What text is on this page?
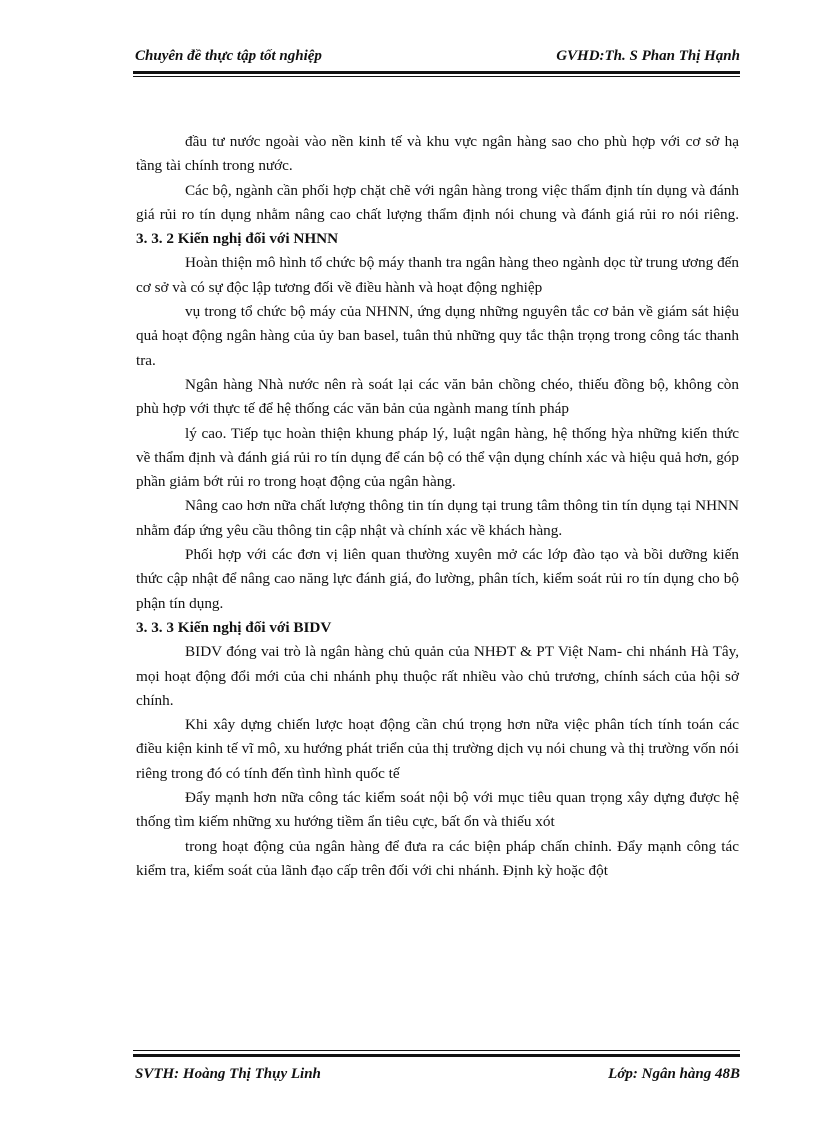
Chuyên đề thực tập tốt nghiệp	GVHD:Th. S Phan Thị Hạnh

đầu tư nước ngoài vào nền kinh tế và khu vực ngân hàng sao cho phù hợp với cơ sở hạ tầng tài chính trong nước.

Các bộ, ngành cần phối hợp chặt chẽ với ngân hàng trong việc thẩm định tín dụng và đánh giá rủi ro tín dụng nhằm nâng cao chất lượng thẩm định nói chung và đánh giá rủi ro nói riêng.

3. 3. 2 Kiến nghị đối với NHNN

Hoàn thiện mô hình tổ chức bộ máy thanh tra ngân hàng theo ngành dọc từ trung ương đến cơ sở và có sự độc lập tương đối về điều hành và hoạt động nghiệp

vụ trong tổ chức bộ máy của NHNN, ứng dụng những nguyên tắc cơ bản về giám sát hiệu quả hoạt động ngân hàng của ủy ban basel, tuân thủ những quy tắc thận trọng trong công tác thanh tra.

Ngân hàng Nhà nước nên rà soát lại các văn bản chồng chéo, thiếu đồng bộ, không còn phù hợp với thực tế để hệ thống các văn bản của ngành mang tính pháp

lý cao. Tiếp tục hoàn thiện khung pháp lý, luật ngân hàng, hệ thống hỳa những kiến thức về thẩm định và đánh giá rủi ro tín dụng để cán bộ có thể vận dụng chính xác và hiệu quả hơn, góp phần giảm bớt rủi ro trong hoạt động của ngân hàng.

Nâng cao hơn nữa chất lượng thông tin tín dụng tại trung tâm thông tin tín dụng tại NHNN nhằm đáp ứng yêu cầu thông tin cập nhật và chính xác về khách hàng.

Phối hợp với các đơn vị liên quan thường xuyên mở các lớp đào tạo và bồi dưỡng kiến thức cập nhật để nâng cao năng lực đánh giá, đo lường, phân tích, kiểm soát rủi ro tín dụng cho bộ phận tín dụng.

3. 3. 3 Kiến nghị đối với BIDV

BIDV đóng vai trò là ngân hàng chủ quản của NHĐT & PT Việt Nam- chi nhánh Hà Tây, mọi hoạt động đổi mới của chi nhánh phụ thuộc rất nhiều vào chủ trương, chính sách của hội sở chính.

Khi xây dựng chiến lược hoạt động cần chú trọng hơn nữa việc phân tích tính toán các điều kiện kinh tế vĩ mô, xu hướng phát triển của thị trường dịch vụ nói chung và thị trường vốn nói riêng trong đó có tính đến tình hình quốc tế

Đẩy mạnh hơn nữa công tác kiểm soát nội bộ với mục tiêu quan trọng xây dựng được hệ thống tìm kiếm những xu hướng tiềm ẩn tiêu cực, bất ổn và thiếu xót

trong hoạt động của ngân hàng để đưa ra các biện pháp chấn chỉnh. Đẩy mạnh công tác kiểm tra, kiểm soát của lãnh đạo cấp trên đối với chi nhánh. Định kỳ hoặc đột

SVTH: Hoàng Thị Thụy Linh	Lớp: Ngân hàng 48B
